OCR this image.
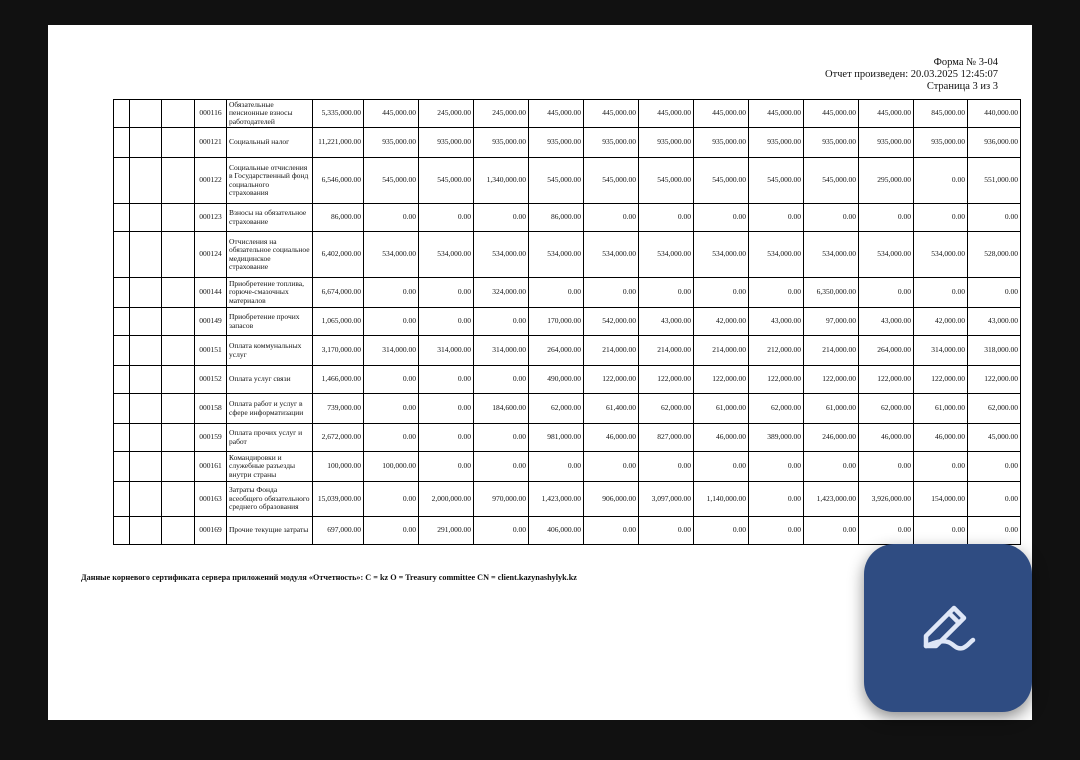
Форма № 3-04
Отчет произведен: 20.03.2025 12:45:07
Страница 3 из 3
			000116	Обязательные пенсионные взносы работодателей	5,335,000.00	445,000.00	245,000.00	245,000.00	445,000.00	445,000.00	445,000.00	445,000.00	445,000.00	445,000.00	445,000.00	845,000.00	440,000.00
			000121	Социальный налог	11,221,000.00	935,000.00	935,000.00	935,000.00	935,000.00	935,000.00	935,000.00	935,000.00	935,000.00	935,000.00	935,000.00	935,000.00	936,000.00
			000122	Социальные отчисления в Государственный фонд социального страхования	6,546,000.00	545,000.00	545,000.00	1,340,000.00	545,000.00	545,000.00	545,000.00	545,000.00	545,000.00	545,000.00	295,000.00	0.00	551,000.00
			000123	Взносы на обязательное страхование	86,000.00	0.00	0.00	0.00	86,000.00	0.00	0.00	0.00	0.00	0.00	0.00	0.00	0.00
			000124	Отчисления на обязательное социальное медицинское страхование	6,402,000.00	534,000.00	534,000.00	534,000.00	534,000.00	534,000.00	534,000.00	534,000.00	534,000.00	534,000.00	534,000.00	534,000.00	528,000.00
			000144	Приобретение топлива, горюче-смазочных материалов	6,674,000.00	0.00	0.00	324,000.00	0.00	0.00	0.00	0.00	0.00	6,350,000.00	0.00	0.00	0.00
			000149	Приобретение прочих запасов	1,065,000.00	0.00	0.00	0.00	170,000.00	542,000.00	43,000.00	42,000.00	43,000.00	97,000.00	43,000.00	42,000.00	43,000.00
			000151	Оплата коммунальных услуг	3,170,000.00	314,000.00	314,000.00	314,000.00	264,000.00	214,000.00	214,000.00	214,000.00	212,000.00	214,000.00	264,000.00	314,000.00	318,000.00
			000152	Оплата услуг связи	1,466,000.00	0.00	0.00	0.00	490,000.00	122,000.00	122,000.00	122,000.00	122,000.00	122,000.00	122,000.00	122,000.00	122,000.00
			000158	Оплата работ и услуг в сфере информатизации	739,000.00	0.00	0.00	184,600.00	62,000.00	61,400.00	62,000.00	61,000.00	62,000.00	61,000.00	62,000.00	61,000.00	62,000.00
			000159	Оплата прочих услуг и работ	2,672,000.00	0.00	0.00	0.00	981,000.00	46,000.00	827,000.00	46,000.00	389,000.00	246,000.00	46,000.00	46,000.00	45,000.00
			000161	Командировки и служебные разъезды внутри страны	100,000.00	100,000.00	0.00	0.00	0.00	0.00	0.00	0.00	0.00	0.00	0.00	0.00	0.00
			000163	Затраты Фонда всеобщего обязательного среднего образования	15,039,000.00	0.00	2,000,000.00	970,000.00	1,423,000.00	906,000.00	3,097,000.00	1,140,000.00	0.00	1,423,000.00	3,926,000.00	154,000.00	0.00
			000169	Прочие текущие затраты	697,000.00	0.00	291,000.00	0.00	406,000.00	0.00	0.00	0.00	0.00	0.00	0.00	0.00	0.00
Данные корневого сертификата сервера приложений модуля «Отчетность»: C = kz O = Treasury committee CN = client.kazynashylyk.kz
